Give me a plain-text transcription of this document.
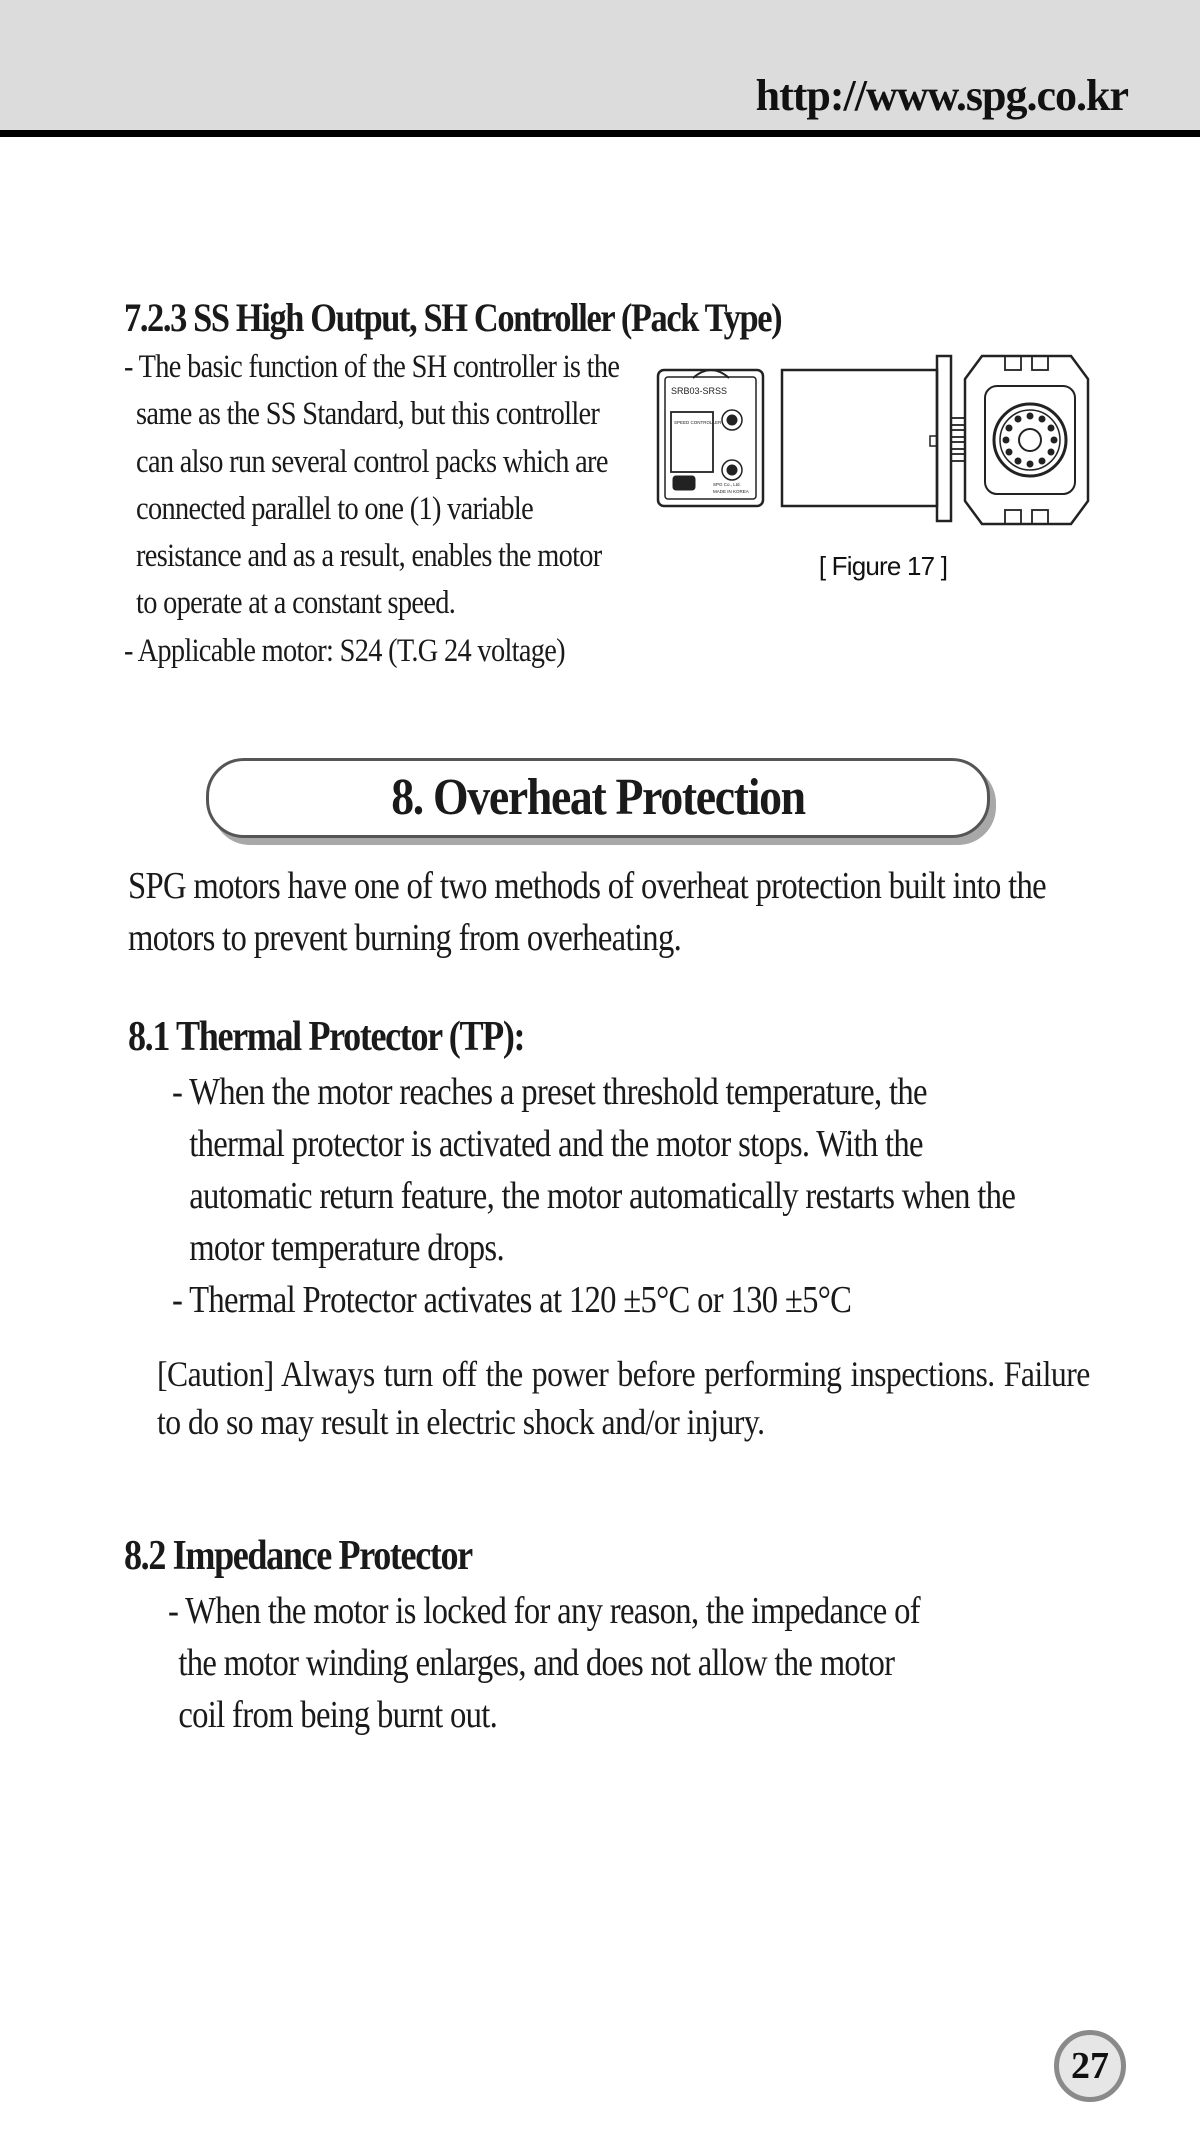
http://www.spg.co.kr
7.2.3 SS High Output, SH Controller (Pack Type)
- The basic function of the SH controller is the
same as the SS Standard, but this controller
can also run several control packs which are
connected parallel to one (1) variable
resistance and as a result, enables the motor
to operate at a constant speed.
- Applicable motor: S24 (T.G 24 voltage)
SRB03-SRSS
SPEED CONTROLLER
SPG Co., Ltd.
MADE IN KOREA
[ Figure 17 ]
8. Overheat Protection
SPG motors have one of two methods of overheat protection built into the
motors to prevent burning from overheating.
8.1 Thermal Protector (TP):
- When the motor reaches a preset threshold temperature, the
thermal protector is activated and the motor stops. With the
automatic return feature, the motor automatically restarts when the
motor temperature drops.
- Thermal Protector activates at 120 ±5°C or 130 ±5°C
[Caution] Always turn off the power before performing inspections. Failure to do so may result in electric shock and/or injury.
8.2 Impedance Protector
- When the motor is locked for any reason, the impedance of
the motor winding enlarges, and does not allow the motor
coil from being burnt out.
27
